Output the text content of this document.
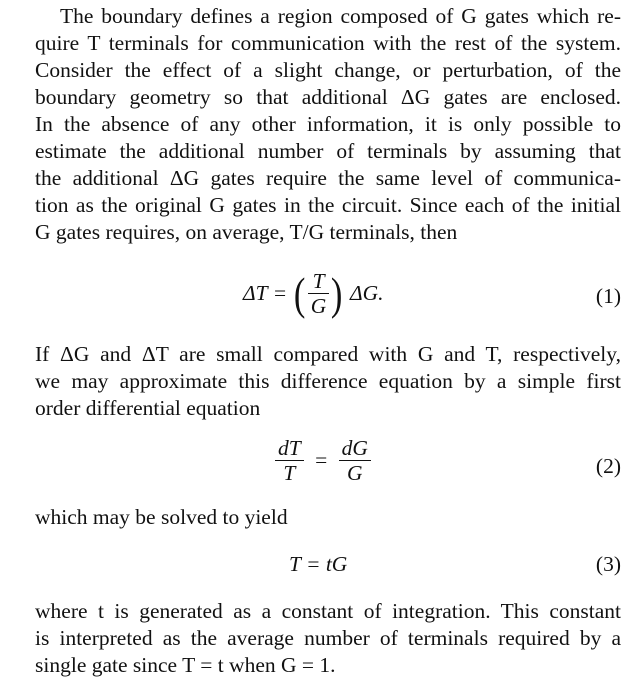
The boundary defines a region composed of G gates which re-
quire T terminals for communication with the rest of the system.
Consider the effect of a slight change, or perturbation, of the
boundary geometry so that additional ΔG gates are enclosed.
In the absence of any other information, it is only possible to
estimate the additional number of terminals by assuming that
the additional ΔG gates require the same level of communica-
tion as the original G gates in the circuit. Since each of the initial
G gates requires, on average, T/G terminals, then
ΔT = ( $\frac{T}{G}$ ) ΔG.	(1)
If ΔG and ΔT are small compared with G and T, respectively,
we may approximate this difference equation by a simple first
order differential equation
$\frac{dT}{T} = \frac{dG}{G}$	(2)
which may be solved to yield
T = tG	(3)
where t is generated as a constant of integration. This constant
is interpreted as the average number of terminals required by a
single gate since T = t when G = 1.
